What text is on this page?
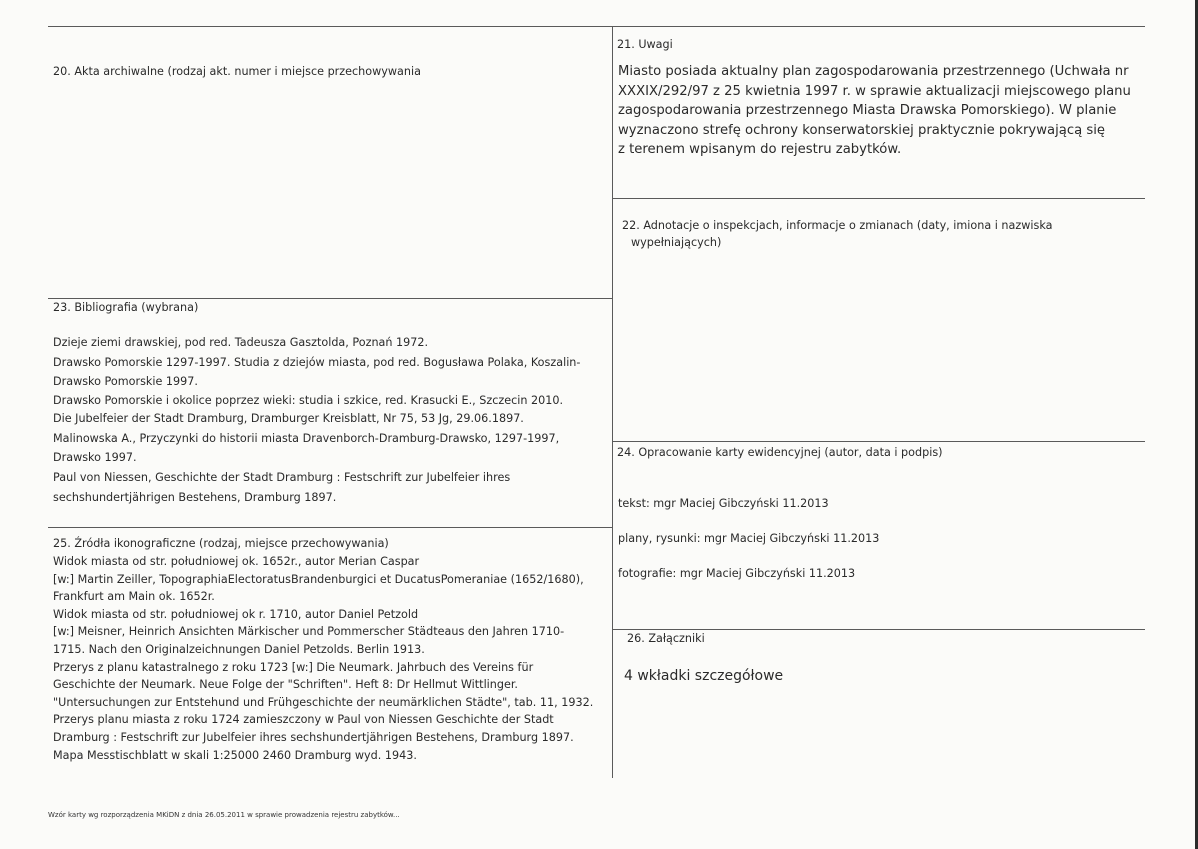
20. Akta archiwalne (rodzaj akt. numer i miejsce przechowywania
21. Uwagi
Miasto posiada aktualny plan zagospodarowania przestrzennego (Uchwała nr
XXXIX/292/97 z 25 kwietnia 1997 r. w sprawie aktualizacji miejscowego planu
zagospodarowania przestrzennego Miasta Drawska Pomorskiego). W planie
wyznaczono strefę ochrony konserwatorskiej praktycznie pokrywającą się
z terenem wpisanym do rejestru zabytków.
22. Adnotacje o inspekcjach, informacje o zmianach (daty, imiona i nazwiska
wypełniających)
23. Bibliografia (wybrana)
Dzieje ziemi drawskiej, pod red. Tadeusza Gasztolda, Poznań 1972.
Drawsko Pomorskie 1297-1997. Studia z dziejów miasta, pod red. Bogusława Polaka, Koszalin-
Drawsko Pomorskie 1997.
Drawsko Pomorskie i okolice poprzez wieki: studia i szkice, red. Krasucki E., Szczecin 2010.
Die Jubelfeier der Stadt Dramburg, Dramburger Kreisblatt, Nr 75, 53 Jg, 29.06.1897.
Malinowska A., Przyczynki do historii miasta Dravenborch-Dramburg-Drawsko, 1297-1997,
Drawsko 1997.
Paul von Niessen, Geschichte der Stadt Dramburg : Festschrift zur Jubelfeier ihres
sechshundertjährigen Bestehens, Dramburg 1897.
24. Opracowanie karty ewidencyjnej (autor, data i podpis)
tekst: mgr Maciej Gibczyński 11.2013
plany, rysunki: mgr Maciej Gibczyński 11.2013
fotografie: mgr Maciej Gibczyński 11.2013
25. Źródła ikonograficzne (rodzaj, miejsce przechowywania)
Widok miasta od str. południowej ok. 1652r., autor Merian Caspar
[w:] Martin Zeiller, TopographiaElectoratusBrandenburgici et DucatusPomeraniae (1652/1680),
Frankfurt am Main ok. 1652r.
Widok miasta od str. południowej ok r. 1710, autor Daniel Petzold
[w:] Meisner, Heinrich Ansichten Märkischer und Pommerscher Städteaus den Jahren 1710-
1715. Nach den Originalzeichnungen Daniel Petzolds. Berlin 1913.
Przerys z planu katastralnego z roku 1723 [w:] Die Neumark. Jahrbuch des Vereins für
Geschichte der Neumark. Neue Folge der "Schriften". Heft 8: Dr Hellmut Wittlinger.
"Untersuchungen zur Entstehund und Frühgeschichte der neumärklichen Städte", tab. 11, 1932.
Przerys planu miasta z roku 1724 zamieszczony w Paul von Niessen Geschichte der Stadt
Dramburg : Festschrift zur Jubelfeier ihres sechshundertjährigen Bestehens, Dramburg 1897.
Mapa Messtischblatt w skali 1:25000 2460 Dramburg wyd. 1943.
26. Załączniki
4 wkładki szczegółowe
Wzór karty wg rozporządzenia MKiDN z dnia 26.05.2011 w sprawie prowadzenia rejestru zabytków...
